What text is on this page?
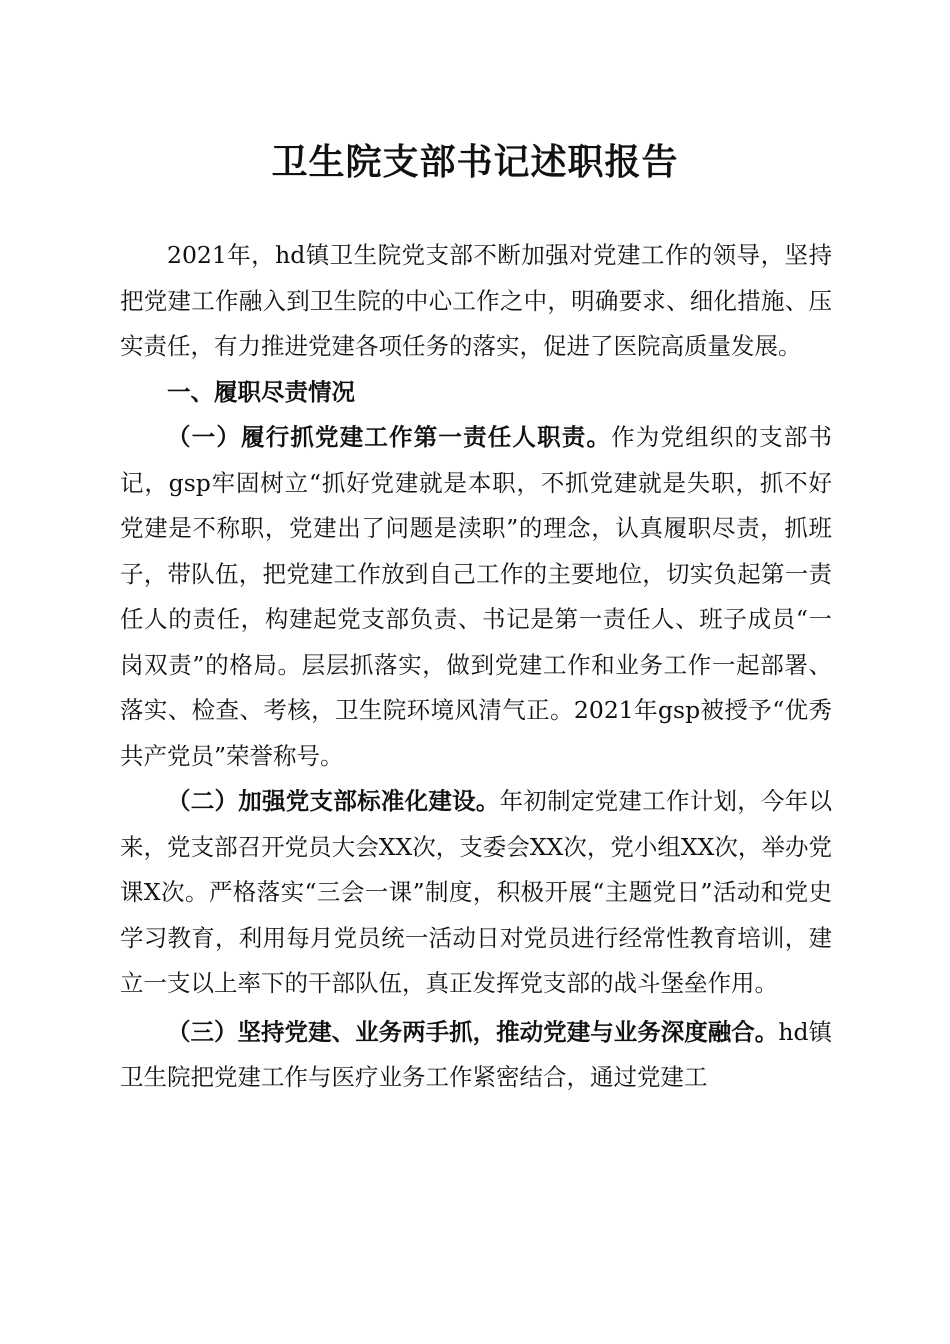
卫生院支部书记述职报告

2021年，hd镇卫生院党支部不断加强对党建工作的领导，坚持把党建工作融入到卫生院的中心工作之中，明确要求、细化措施、压实责任，有力推进党建各项任务的落实，促进了医院高质量发展。

一、履职尽责情况

（一）履行抓党建工作第一责任人职责。作为党组织的支部书记，gsp牢固树立“抓好党建就是本职，不抓党建就是失职，抓不好党建是不称职，党建出了问题是渎职”的理念，认真履职尽责，抓班子，带队伍，把党建工作放到自己工作的主要地位，切实负起第一责任人的责任，构建起党支部负责、书记是第一责任人、班子成员“一岗双责”的格局。层层抓落实，做到党建工作和业务工作一起部署、落实、检查、考核，卫生院环境风清气正。2021年gsp被授予“优秀共产党员”荣誉称号。

（二）加强党支部标准化建设。年初制定党建工作计划，今年以来，党支部召开党员大会XX次，支委会XX次，党小组XX次，举办党课X次。严格落实“三会一课”制度，积极开展“主题党日”活动和党史学习教育，利用每月党员统一活动日对党员进行经常性教育培训，建立一支以上率下的干部队伍，真正发挥党支部的战斗堡垒作用。

（三）坚持党建、业务两手抓，推动党建与业务深度融合。hd镇卫生院把党建工作与医疗业务工作紧密结合，通过党建工
